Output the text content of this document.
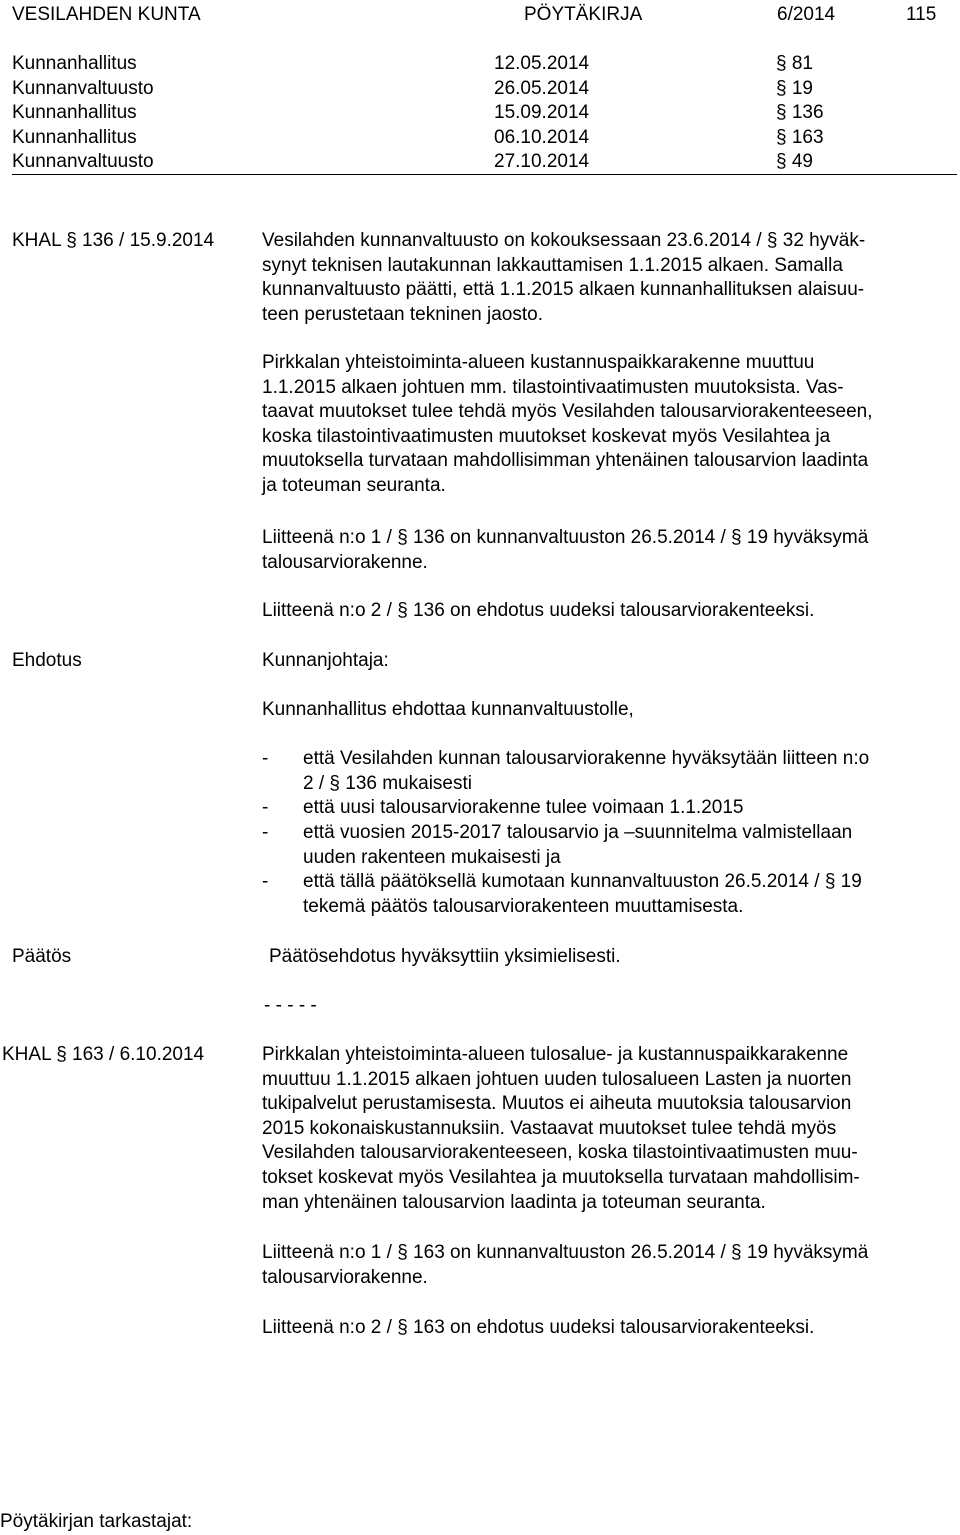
VESILAHDEN KUNTA	PÖYTÄKIRJA	6/2014	115
Kunnanhallitus	12.05.2014	§ 81
Kunnanvaltuusto	26.05.2014	§ 19
Kunnanhallitus	15.09.2014	§ 136
Kunnanhallitus	06.10.2014	§ 163
Kunnanvaltuusto	27.10.2014	§ 49
KHAL § 136 / 15.9.2014	Vesilahden kunnanvaltuusto on kokouksessaan 23.6.2014 / § 32 hyväk-

synyt teknisen lautakunnan lakkauttamisen 1.1.2015 alkaen. Samalla

kunnanvaltuusto päätti, että 1.1.2015 alkaen kunnanhallituksen alaisuu-

teen perustetaan tekninen jaosto.

Pirkkalan yhteistoiminta-alueen kustannuspaikkarakenne muuttuu

1.1.2015 alkaen johtuen mm. tilastointivaatimusten muutoksista. Vas-

taavat muutokset tulee tehdä myös Vesilahden talousarviorakenteeseen,

koska tilastointivaatimusten muutokset koskevat myös Vesilahtea ja

muutoksella turvataan mahdollisimman yhtenäinen talousarvion laadinta

ja toteuman seuranta.

Liitteenä n:o 1 / § 136 on kunnanvaltuuston 26.5.2014 / § 19 hyväksymä

talousarviorakenne.

Liitteenä n:o 2 / § 136 on ehdotus uudeksi talousarviorakenteeksi.

Ehdotus	Kunnanjohtaja:
Kunnanhallitus ehdottaa kunnanvaltuustolle,
- että Vesilahden kunnan talousarviorakenne hyväksytään liitteen n:o

2 / § 136 mukaisesti

- että uusi talousarviorakenne tulee voimaan 1.1.2015

- että vuosien 2015-2017 talousarvio ja –suunnitelma valmistellaan

uuden rakenteen mukaisesti ja

- että tällä päätöksellä kumotaan kunnanvaltuuston 26.5.2014 / § 19

tekemä päätös talousarviorakenteen muuttamisesta.

Päätös	Päätösehdotus hyväksyttiin yksimielisesti.
- - - - -
KHAL § 163 / 6.10.2014	Pirkkalan yhteistoiminta-alueen tulosalue- ja kustannuspaikkarakenne

muuttuu 1.1.2015 alkaen johtuen uuden tulosalueen Lasten ja nuorten

tukipalvelut perustamisesta. Muutos ei aiheuta muutoksia talousarvion

2015 kokonaiskustannuksiin. Vastaavat muutokset tulee tehdä myös

Vesilahden talousarviorakenteeseen, koska tilastointivaatimusten muu-

tokset koskevat myös Vesilahtea ja muutoksella turvataan mahdollisim-

man yhtenäinen talousarvion laadinta ja toteuman seuranta.

Liitteenä n:o 1 / § 163 on kunnanvaltuuston 26.5.2014 / § 19 hyväksymä

talousarviorakenne.

Liitteenä n:o 2 / § 163 on ehdotus uudeksi talousarviorakenteeksi.

Pöytäkirjan tarkastajat:
